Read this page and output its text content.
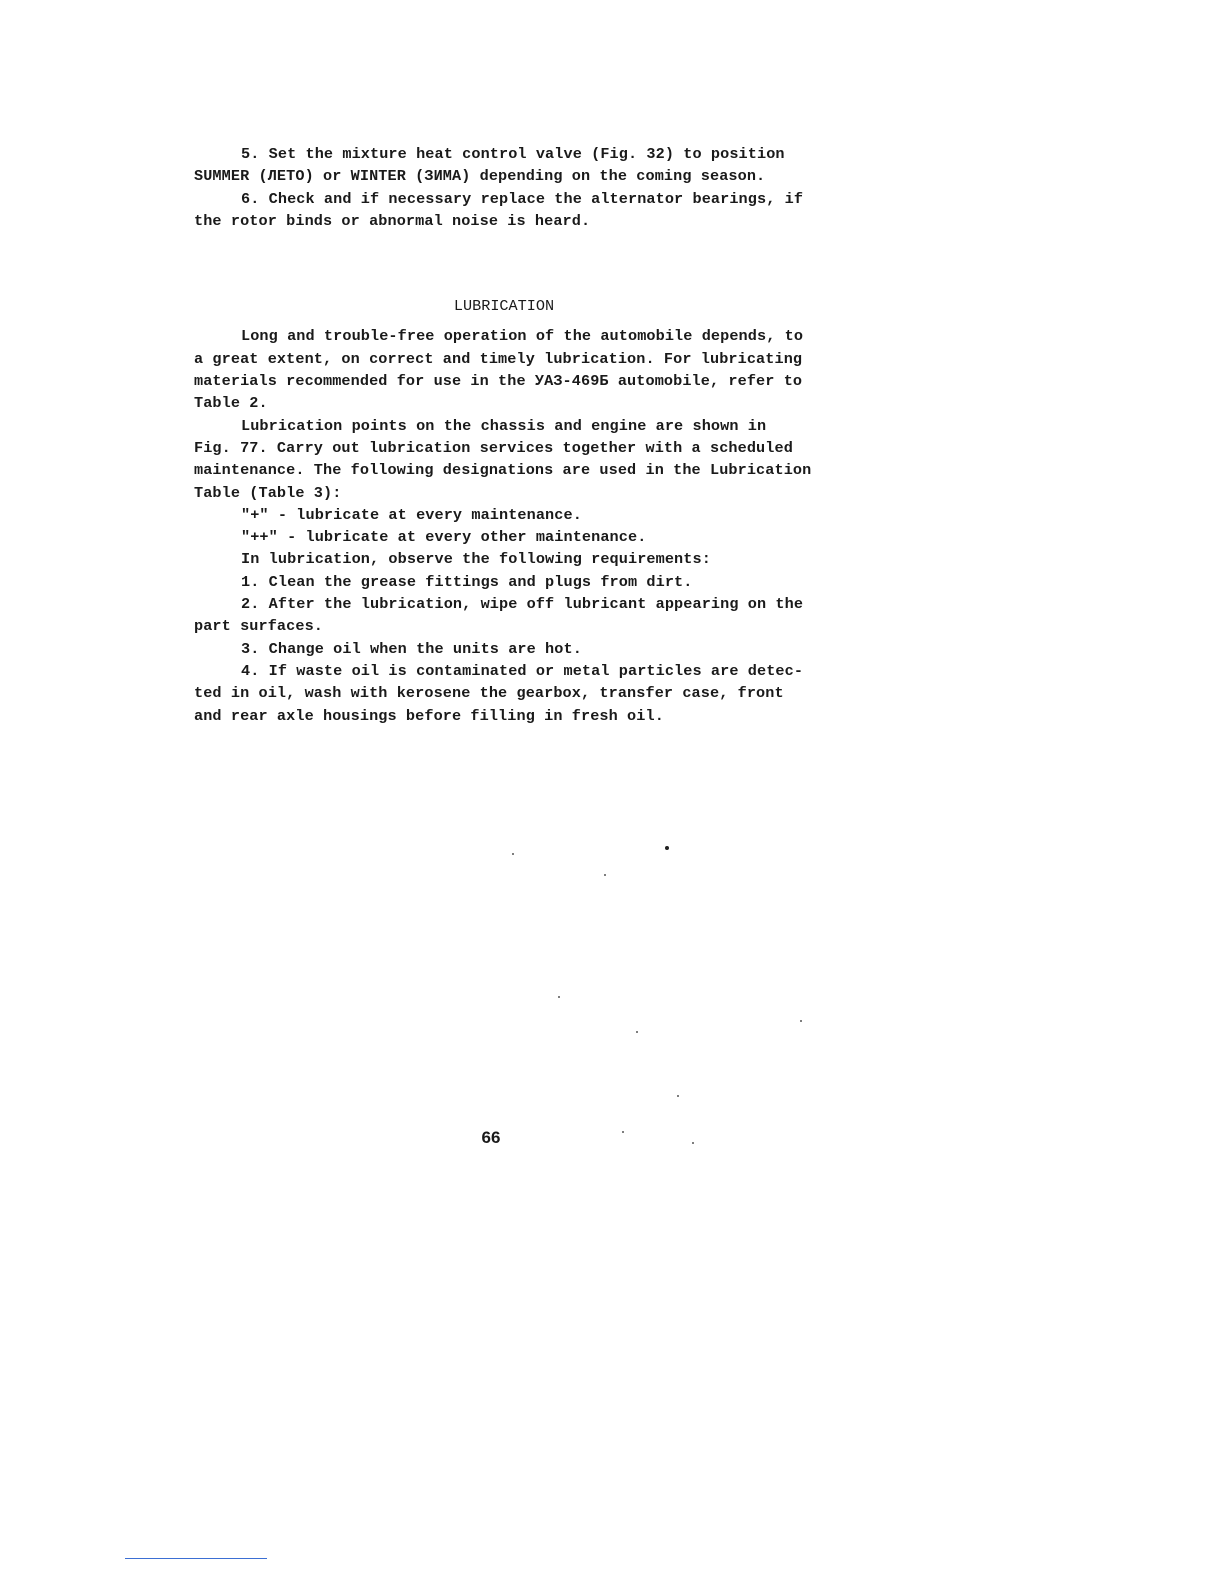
5. Set the mixture heat control valve (Fig. 32) to position
SUMMER (ЛЕТО) or WINTER (ЗИМА) depending on the coming season.
6. Check and if necessary replace the alternator bearings, if
the rotor binds or abnormal noise is heard.
LUBRICATION
Long and trouble-free operation of the automobile depends, to
a great extent, on correct and timely lubrication. For lubricating
materials recommended for use in the УАЗ-469Б automobile, refer to
Table 2.
Lubrication points on the chassis and engine are shown in
Fig. 77. Carry out lubrication services together with a scheduled
maintenance. The following designations are used in the Lubrication
Table (Table 3):
"+" - lubricate at every maintenance.
"++" - lubricate at every other maintenance.
In lubrication, observe the following requirements:
1. Clean the grease fittings and plugs from dirt.
2. After the lubrication, wipe off lubricant appearing on the
part surfaces.
3. Change oil when the units are hot.
4. If waste oil is contaminated or metal particles are detec-
ted in oil, wash with kerosene the gearbox, transfer case, front
and rear axle housings before filling in fresh oil.
66
